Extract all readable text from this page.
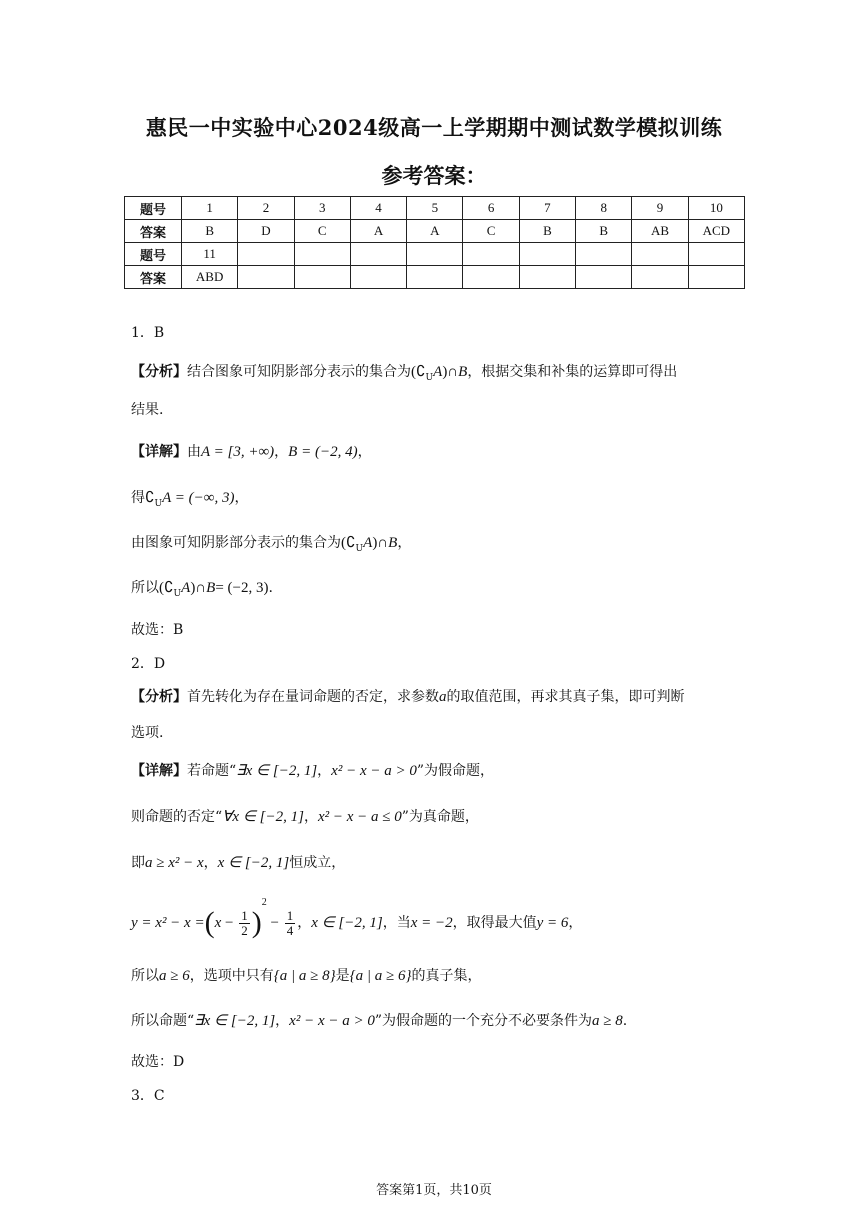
惠民一中实验中心2024级高一上学期期中测试数学模拟训练
参考答案：
题号	1	2	3	4	5	6	7	8	9	10
答案	B	D	C	A	A	C	B	B	AB	ACD
题号	11									
答案	ABD									
1．B
【分析】结合图象可知阴影部分表示的集合为$(∁_UA)\cap B$，根据交集和补集的运算即可得出
结果.
【详解】由A = [3, +∞)，B = (−2, 4)，
得$∁_UA$ = (−∞, 3)，
由图象可知阴影部分表示的集合为$(∁_UA)\cap B$，
所以$(∁_UA)\cap B= (-2$, 3).
故选：B
2．D
【分析】首先转化为存在量词命题的否定，求参数a的取值范围，再求其真子集，即可判断
选项.
【详解】若命题“∃x ∈ [−2, 1]，x² − x − a > 0”为假命题，
则命题的否定“∀x ∈ [−2, 1]，x² − x − a ≤ 0”为真命题，
即a ≥ x² − x，x ∈ [−2, 1]恒成立，
$y = x^2 - x =(x - \frac{1}{2} )^2 - \frac{1}{4}$ ，x ∈ [−2, 1]，当x = −2，取得最大值y = 6，
所以a ≥ 6，选项中只有{a | a ≥ 8}是{a | a ≥ 6}的真子集，
所以命题“∃x ∈ [−2, 1]，x² − x − a > 0”为假命题的一个充分不必要条件为a ≥ 8.
故选：D
3．C
答案第1页，共10页
